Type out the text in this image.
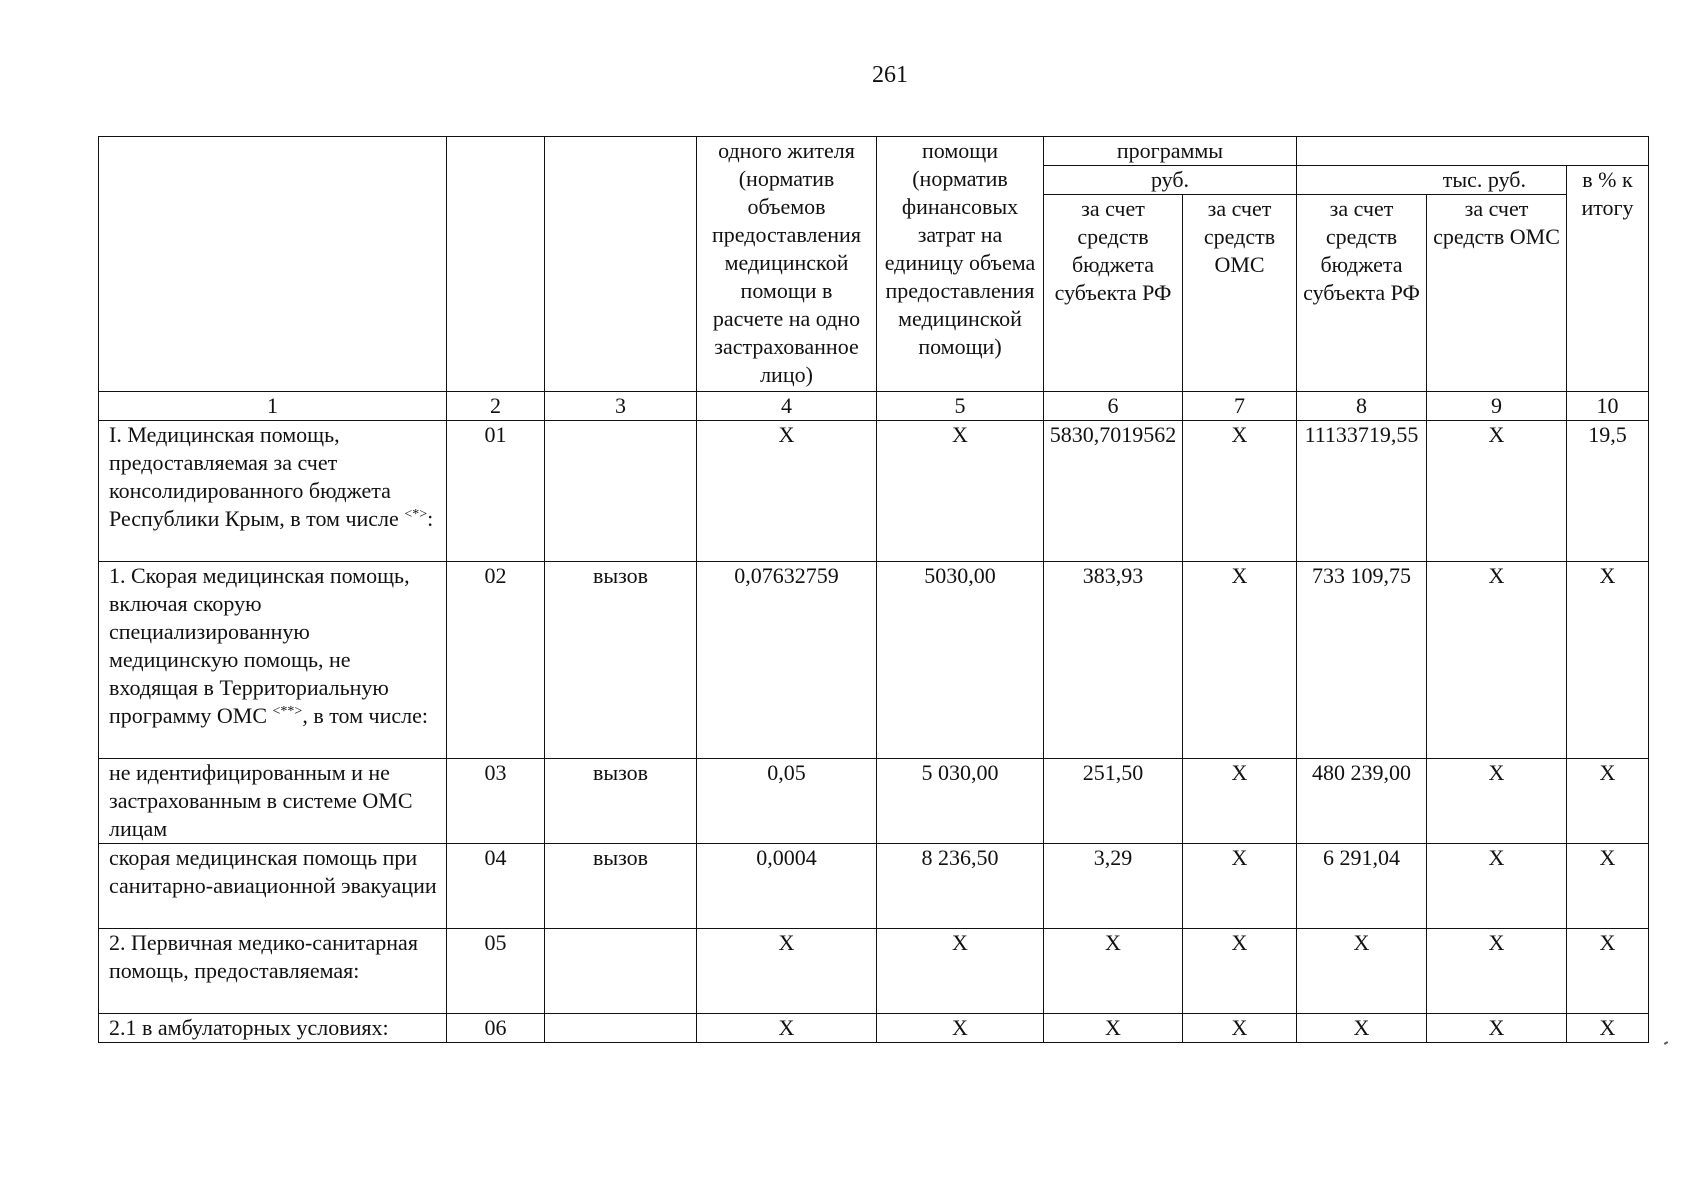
261
			одного жителя (норматив объемов предоставления медицинской помощи в расчете на одно застрахованное лицо)	помощи (норматив финансовых затрат на единицу объема предоставления медицинской помощи)	программы				
					руб.		тыс. руб.		в % к итогу
					за счет средств бюджета субъекта РФ	за счет средств ОМС	за счет средств бюджета субъекта РФ	за счет средств ОМС	
1	2	3	4	5	6	7	8	9	10
I. Медицинская помощь, предоставляемая за счет консолидированного бюджета Республики Крым, в том числе <*>:	01		X	X	5830,7019562	X	11133719,55	X	19,5
1. Скорая медицинская помощь, включая скорую специализированную медицинскую помощь, не входящая в Территориальную программу ОМС <**>, в том числе:	02	вызов	0,07632759	5030,00	383,93	X	733 109,75	X	X
не идентифицированным и не застрахованным в системе ОМС лицам	03	вызов	0,05	5 030,00	251,50	X	480 239,00	X	X
скорая медицинская помощь при санитарно-авиационной эвакуации	04	вызов	0,0004	8 236,50	3,29	X	6 291,04	X	X
2. Первичная медико-санитарная помощь, предоставляемая:	05		X	X	X	X	X	X	X
2.1 в амбулаторных условиях:	06		X	X	X	X	X	X	X
